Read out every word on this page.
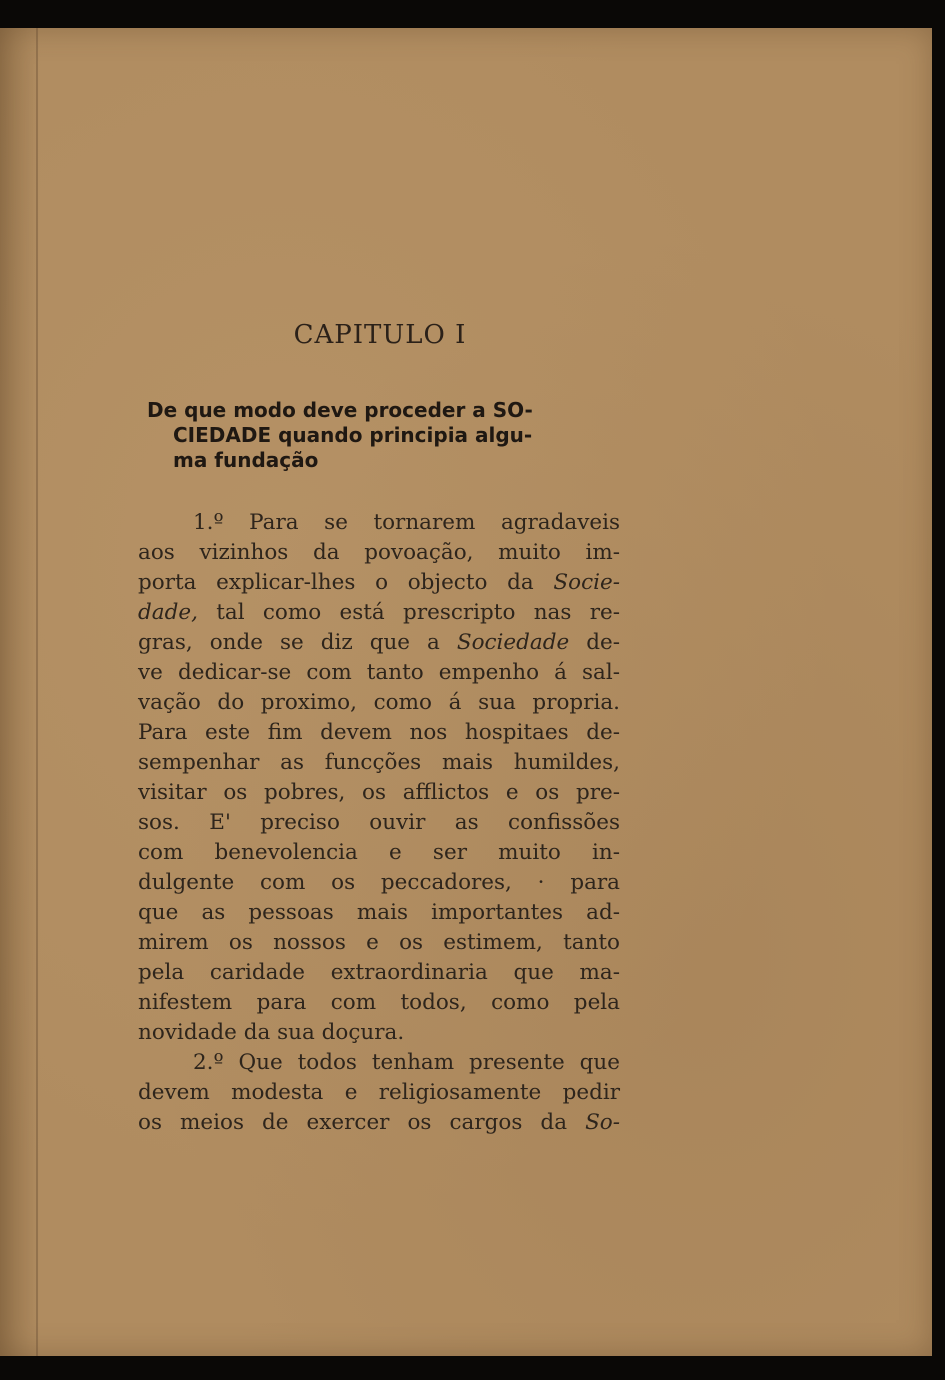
CAPITULO I
De que modo deve proceder a SO-
CIEDADE quando principia algu-
ma fundação
1.º Para se tornarem agradaveis
aos vizinhos da povoação, muito im-
porta explicar-lhes o objecto da Socie-
dade, tal como está prescripto nas re-
gras, onde se diz que a Sociedade de-
ve dedicar-se com tanto empenho á sal-
vação do proximo, como á sua propria.
Para este fim devem nos hospitaes de-
sempenhar as funcções mais humildes,
visitar os pobres, os afflictos e os pre-
sos. E' preciso ouvir as confissões
com benevolencia e ser muito in-
dulgente com os peccadores, · para
que as pessoas mais importantes ad-
mirem os nossos e os estimem, tanto
pela caridade extraordinaria que ma-
nifestem para com todos, como pela
novidade da sua doçura.
2.º Que todos tenham presente que
devem modesta e religiosamente pedir
os meios de exercer os cargos da So-
